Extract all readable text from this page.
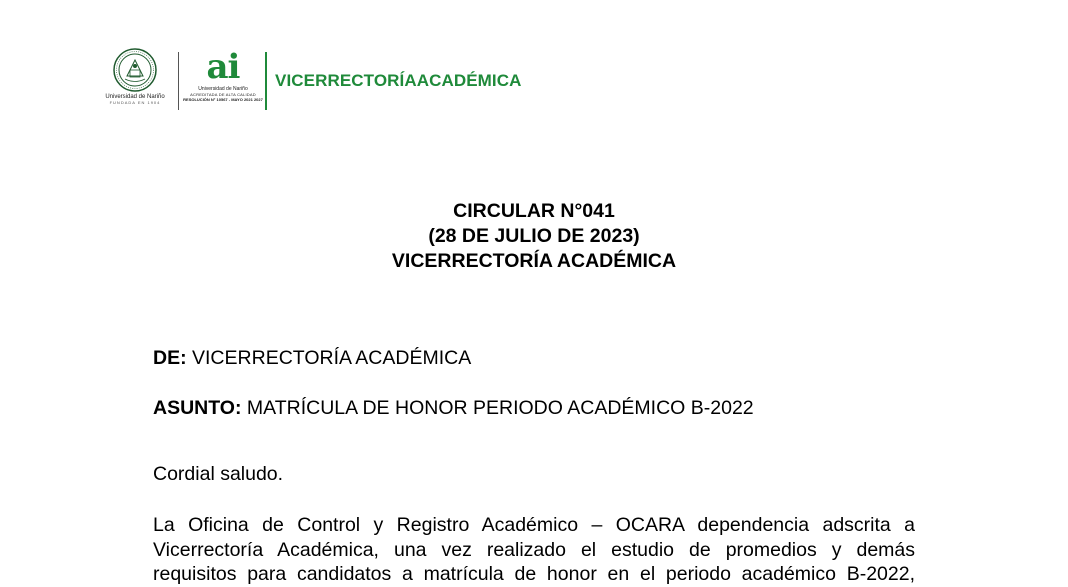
Universidad de Nariño
FUNDADA EN 1904
ai
Universidad de Nariño
ACREDITADA DE ALTA CALIDAD
RESOLUCIÓN N° 10567 - MAYO 2021 2027
VICERRECTORÍAACADÉMICA
CIRCULAR N°041
(28 DE JULIO DE 2023)
VICERRECTORÍA ACADÉMICA
DE: VICERRECTORÍA ACADÉMICA
ASUNTO: MATRÍCULA DE HONOR PERIODO ACADÉMICO B-2022
Cordial saludo.
La Oficina de Control y Registro Académico – OCARA dependencia adscrita a
Vicerrectoría Académica, una vez realizado el estudio de promedios y demás
requisitos para candidatos a matrícula de honor en el periodo académico B-2022,
